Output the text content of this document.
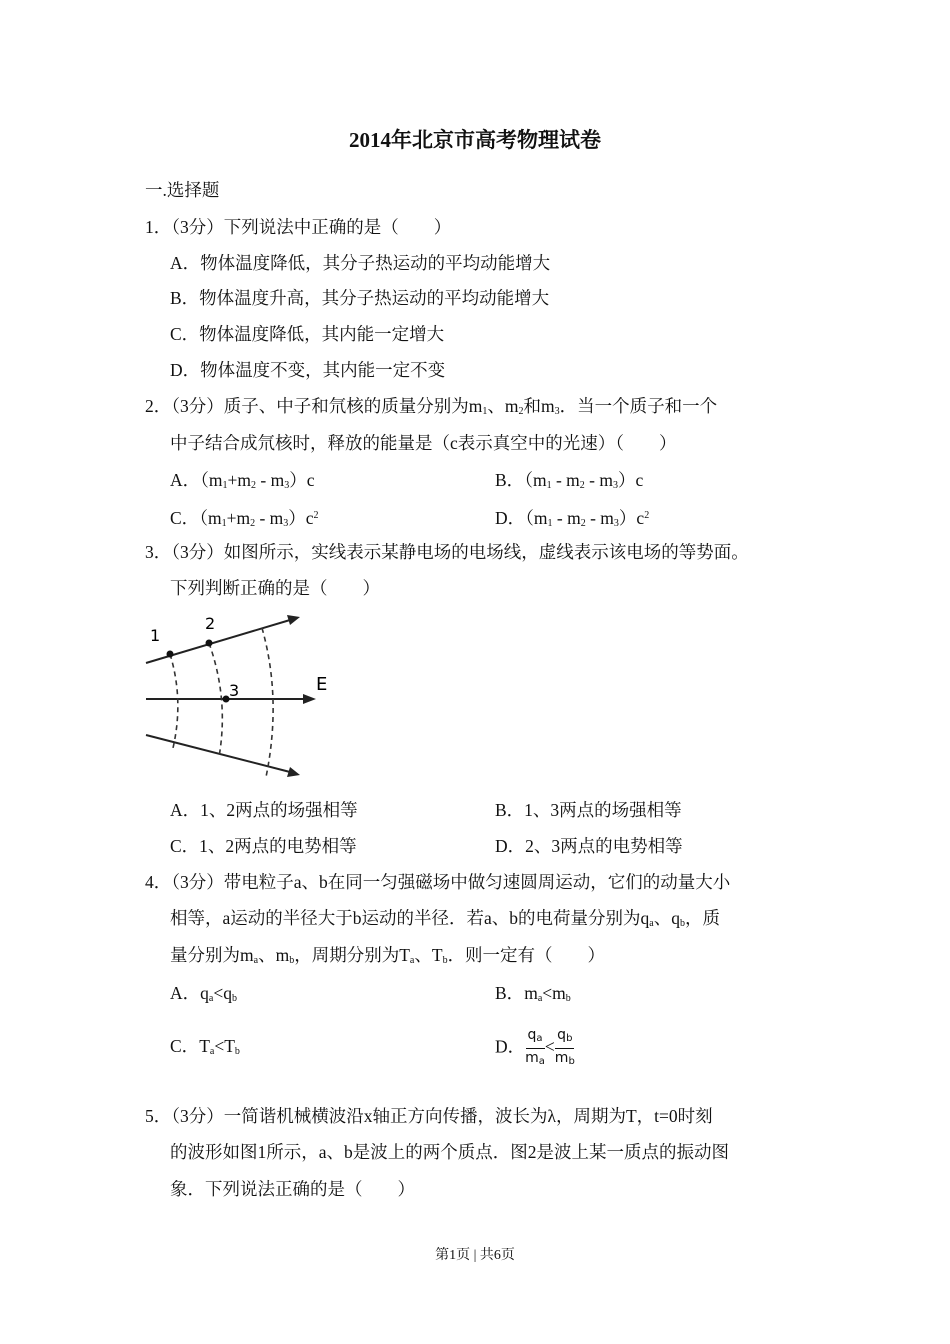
2014年北京市高考物理试卷
一.选择题
1．（3分）下列说法中正确的是（　　）
A．物体温度降低，其分子热运动的平均动能增大
B．物体温度升高，其分子热运动的平均动能增大
C．物体温度降低，其内能一定增大
D．物体温度不变，其内能一定不变
2．（3分）质子、中子和氘核的质量分别为$m_1$、$m_2$和$m_3$．当一个质子和一个
中子结合成氘核时，释放的能量是（c表示真空中的光速）（　　）
A．$(m_1+m_2 - m_3)c$	B．$(m_1 - m_2 - m_3)c$
C．$(m_1+m_2 - m_3)c^2$	D．$(m_1 - m_2 - m_3)c^2$
3．（3分）如图所示，实线表示某静电场的电场线，虚线表示该电场的等势面。
下列判断正确的是（　　）
1
2
3	E
A．1、2两点的场强相等	B．1、3两点的场强相等
C．1、2两点的电势相等	D．2、3两点的电势相等
4．（3分）带电粒子a、b在同一匀强磁场中做匀速圆周运动，它们的动量大小
相等，a运动的半径大于b运动的半径．若a、b的电荷量分别为$q_a$、$q_b$，质
量分别为$m_a$、$m_b$，周期分别为$T_a$、$T_b$．则一定有（　　）
A．$q_a<q_b$	B．$m_a<m_b$
C．$T_a<T_b$	D． $\frac{q_a}{m_a} < \frac{q_b}{m_b}$
5．（3分）一简谐机械横波沿x轴正方向传播，波长为λ，周期为T，t=0时刻
的波形如图1所示，a、b是波上的两个质点．图2是波上某一质点的振动图
象．下列说法正确的是（　　）
第1页 | 共6页
